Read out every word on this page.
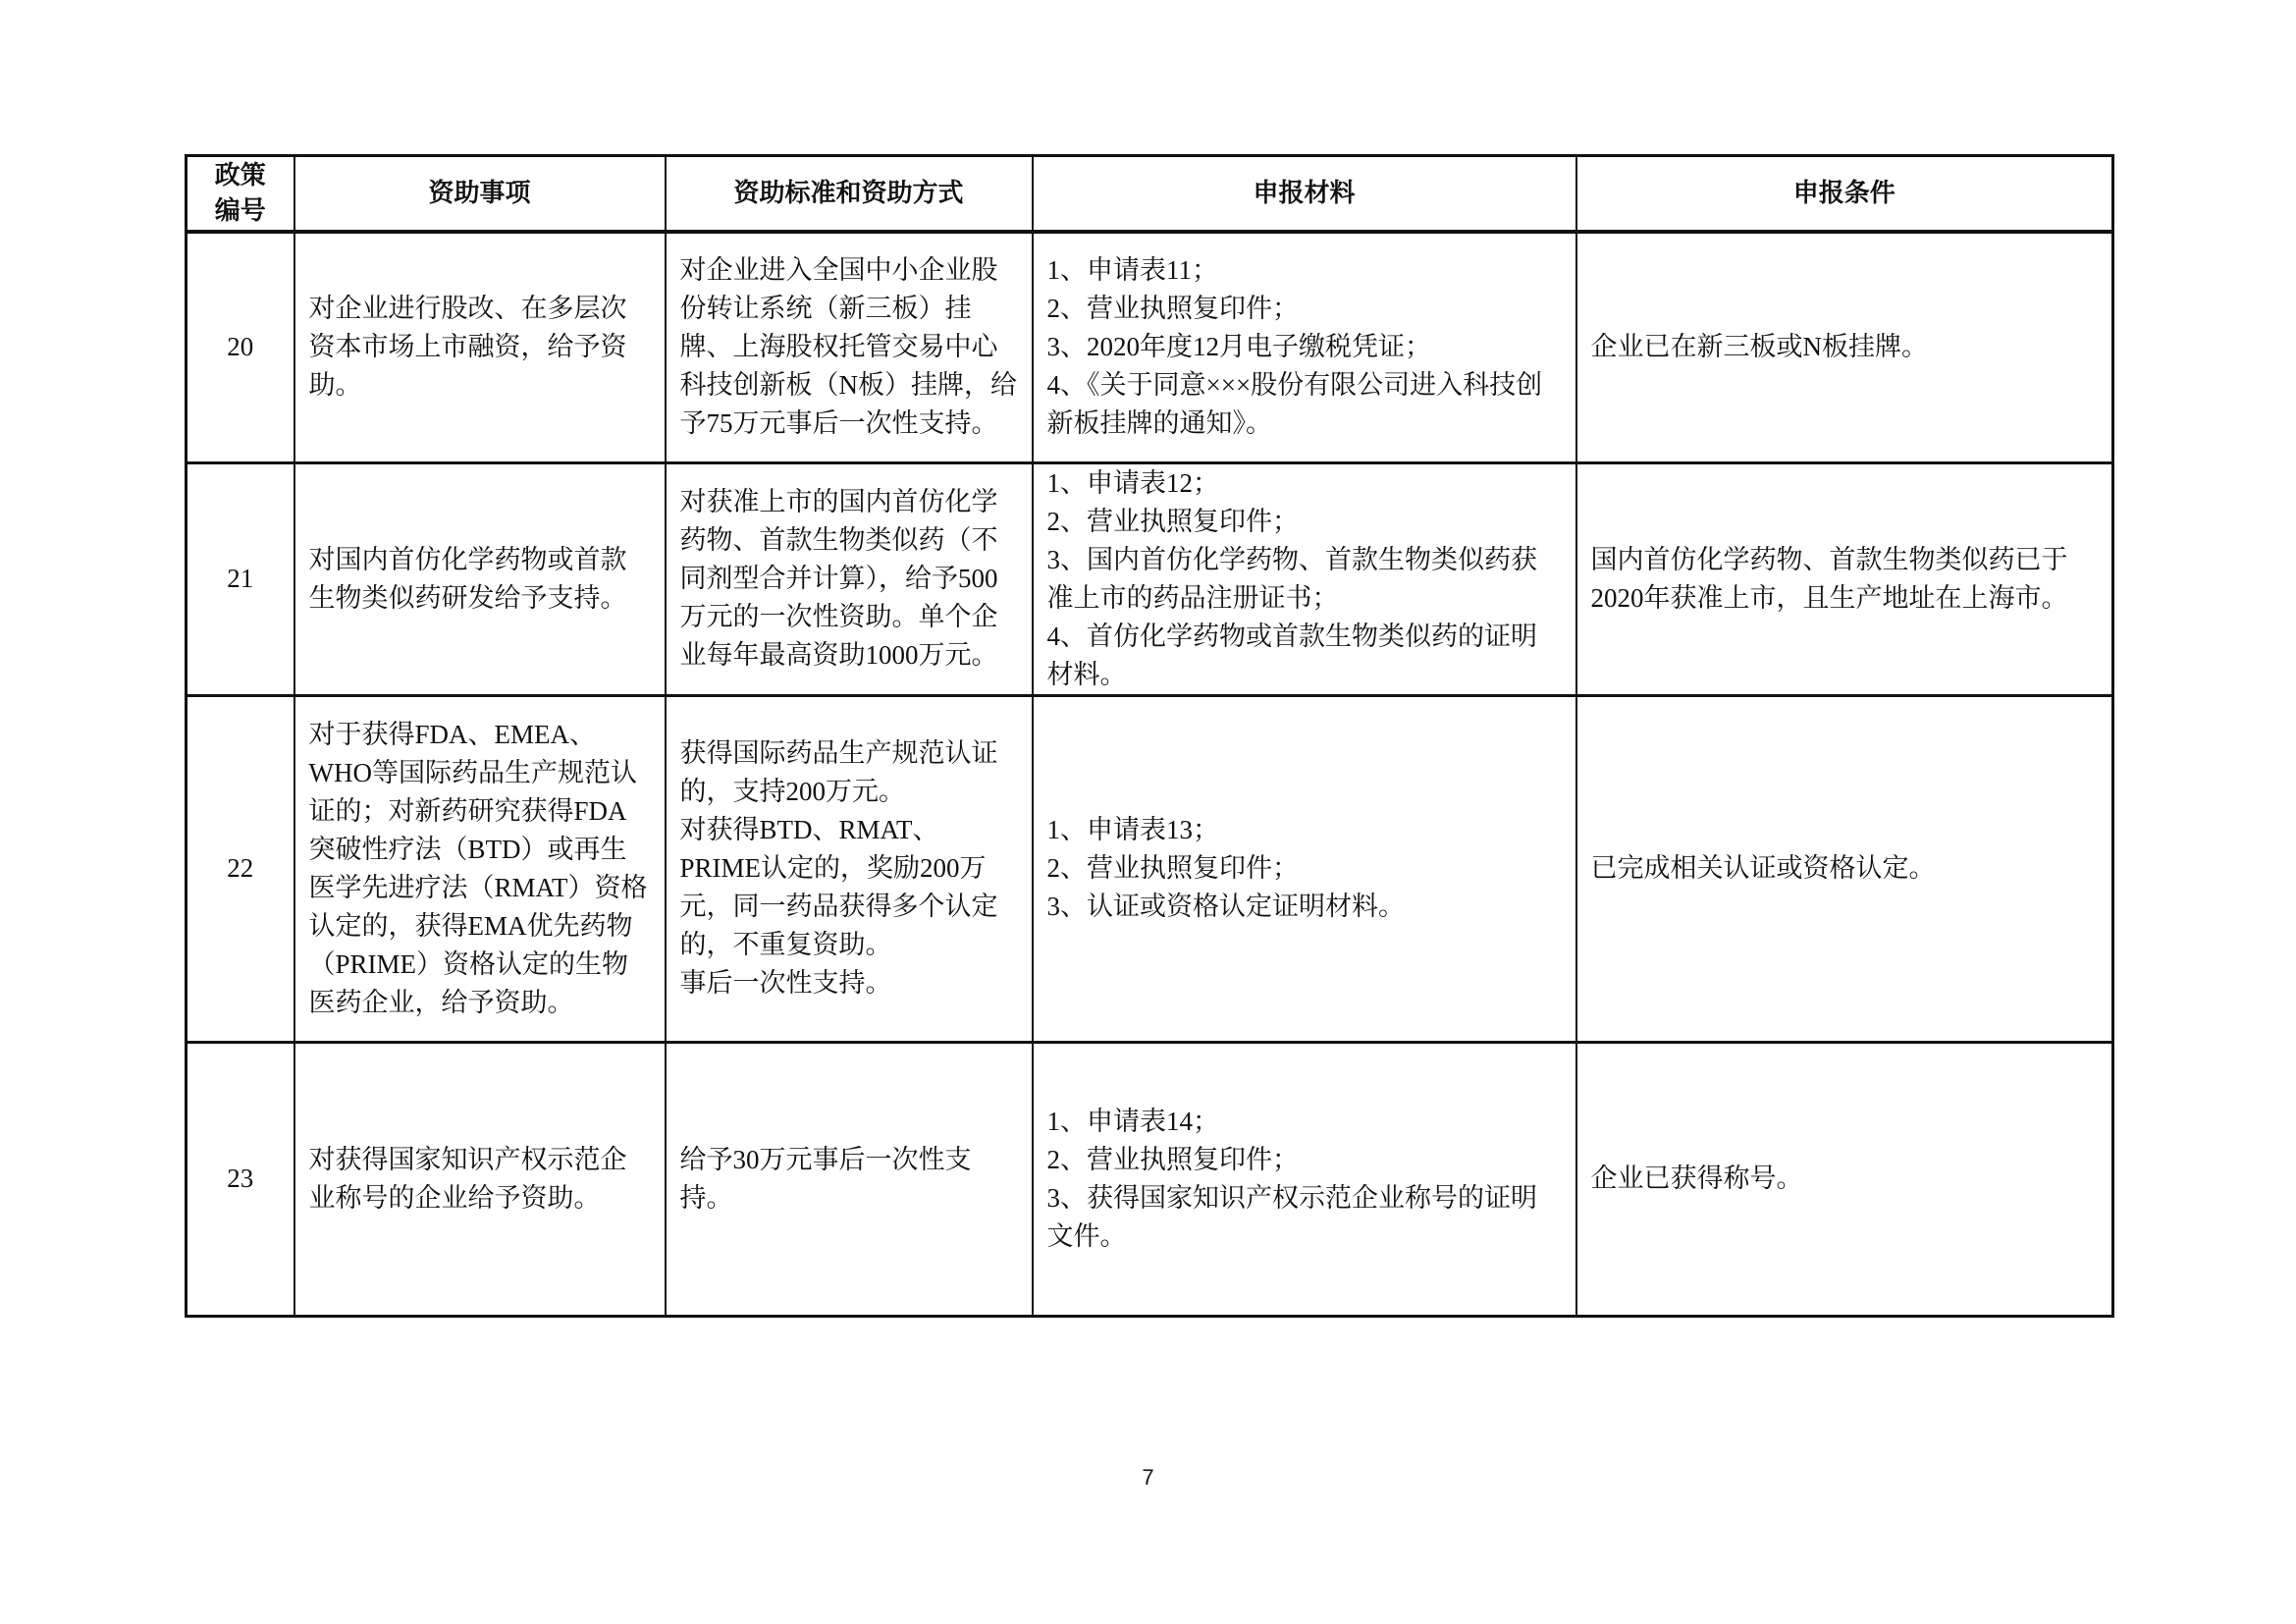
政策
编号	资助事项	资助标准和资助方式	申报材料	申报条件
20	对企业进行股改、在多层次资本市场上市融资，给予资助。	对企业进入全国中小企业股份转让系统（新三板）挂牌、上海股权托管交易中心科技创新板（N板）挂牌，给予75万元事后一次性支持。	1、申请表11；
2、营业执照复印件；
3、2020年度12月电子缴税凭证；
4、《关于同意×××股份有限公司进入科技创新板挂牌的通知》。	企业已在新三板或N板挂牌。
21	对国内首仿化学药物或首款生物类似药研发给予支持。	对获准上市的国内首仿化学药物、首款生物类似药（不同剂型合并计算），给予500万元的一次性资助。单个企业每年最高资助1000万元。	1、申请表12；
2、营业执照复印件；
3、国内首仿化学药物、首款生物类似药获准上市的药品注册证书；
4、首仿化学药物或首款生物类似药的证明材料。	国内首仿化学药物、首款生物类似药已于2020年获准上市，且生产地址在上海市。
22	对于获得FDA、EMEA、WHO等国际药品生产规范认证的；对新药研究获得FDA突破性疗法（BTD）或再生医学先进疗法（RMAT）资格认定的，获得EMA优先药物（PRIME）资格认定的生物医药企业，给予资助。	获得国际药品生产规范认证的，支持200万元。
对获得BTD、RMAT、PRIME认定的，奖励200万元，同一药品获得多个认定的，不重复资助。
事后一次性支持。	1、申请表13；
2、营业执照复印件；
3、认证或资格认定证明材料。	已完成相关认证或资格认定。
23	对获得国家知识产权示范企业称号的企业给予资助。	给予30万元事后一次性支持。	1、申请表14；
2、营业执照复印件；
3、获得国家知识产权示范企业称号的证明文件。	企业已获得称号。
7
